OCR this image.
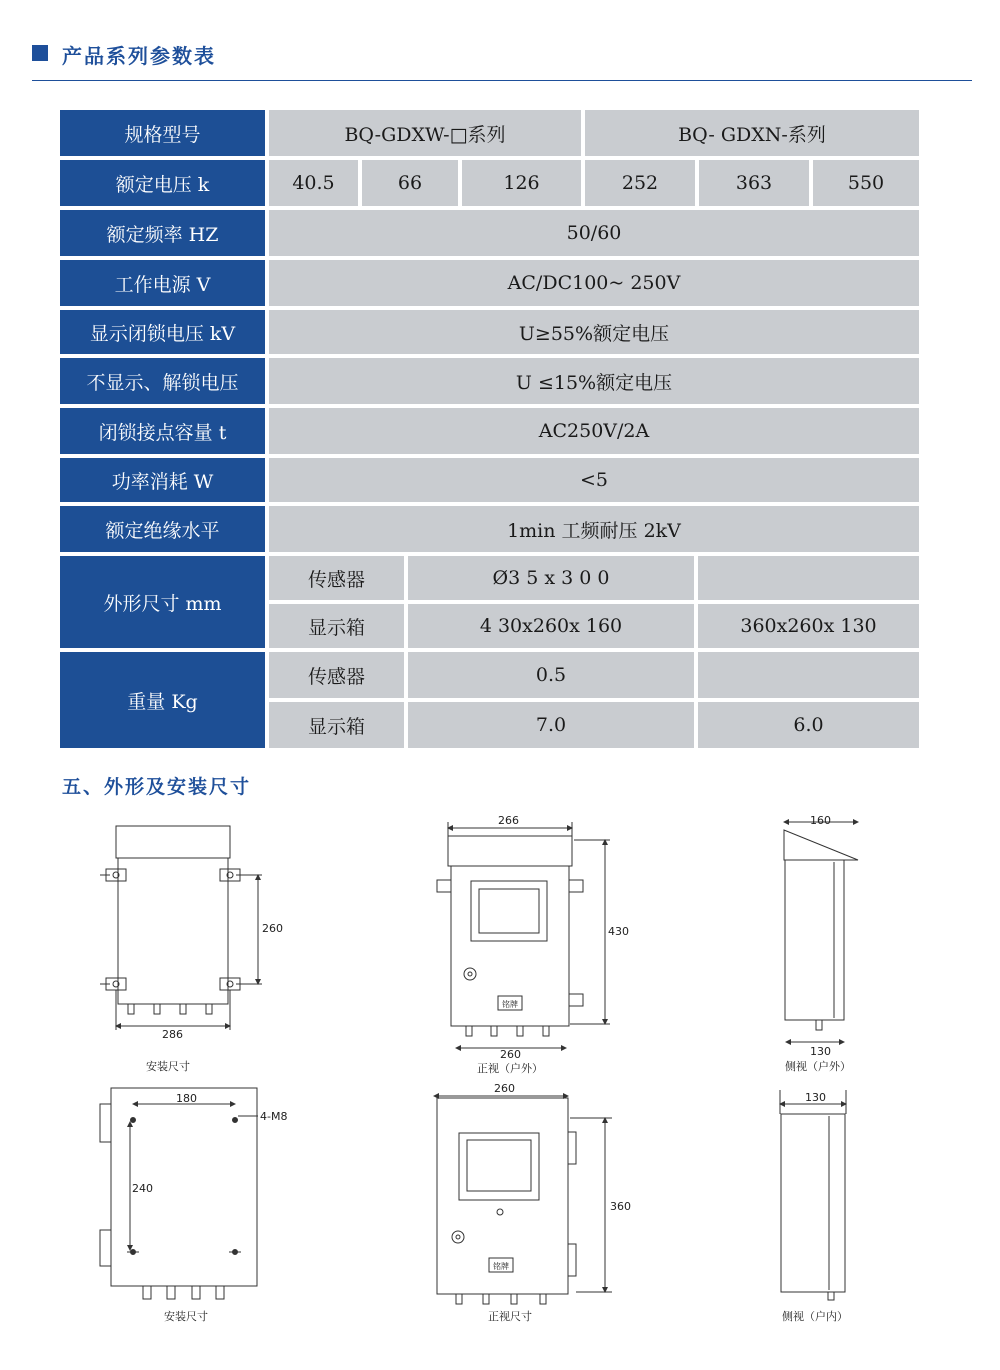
产品系列参数表
规格型号	BQ-GDXW-□系列	BQ- GDXN-系列
额定电压 k	40.5	66	126	252	363	550
额定频率 HZ	50/60
工作电源 V	AC/DC100~ 250V
显示闭锁电压 kV	U≥55%额定电压
不显示、解锁电压	U ≤15%额定电压
闭锁接点容量 t	AC250V/2A
功率消耗 W	<5
额定绝缘水平	1min 工频耐压 2kV
外形尺寸 mm
传感器	Ø3 5 x 3 0 0
显示箱	4 30x260x 160	360x260x 130
重量 Kg
传感器	0.5
显示箱	7.0	6.0
五、外形及安装尺寸
260
286
安装尺寸
266
430
260
铭牌
正视（户外）
160
130
侧视（户外）
180
240
4-M8
安装尺寸
260
360
铭牌
正视尺寸
130
侧视（户内）
